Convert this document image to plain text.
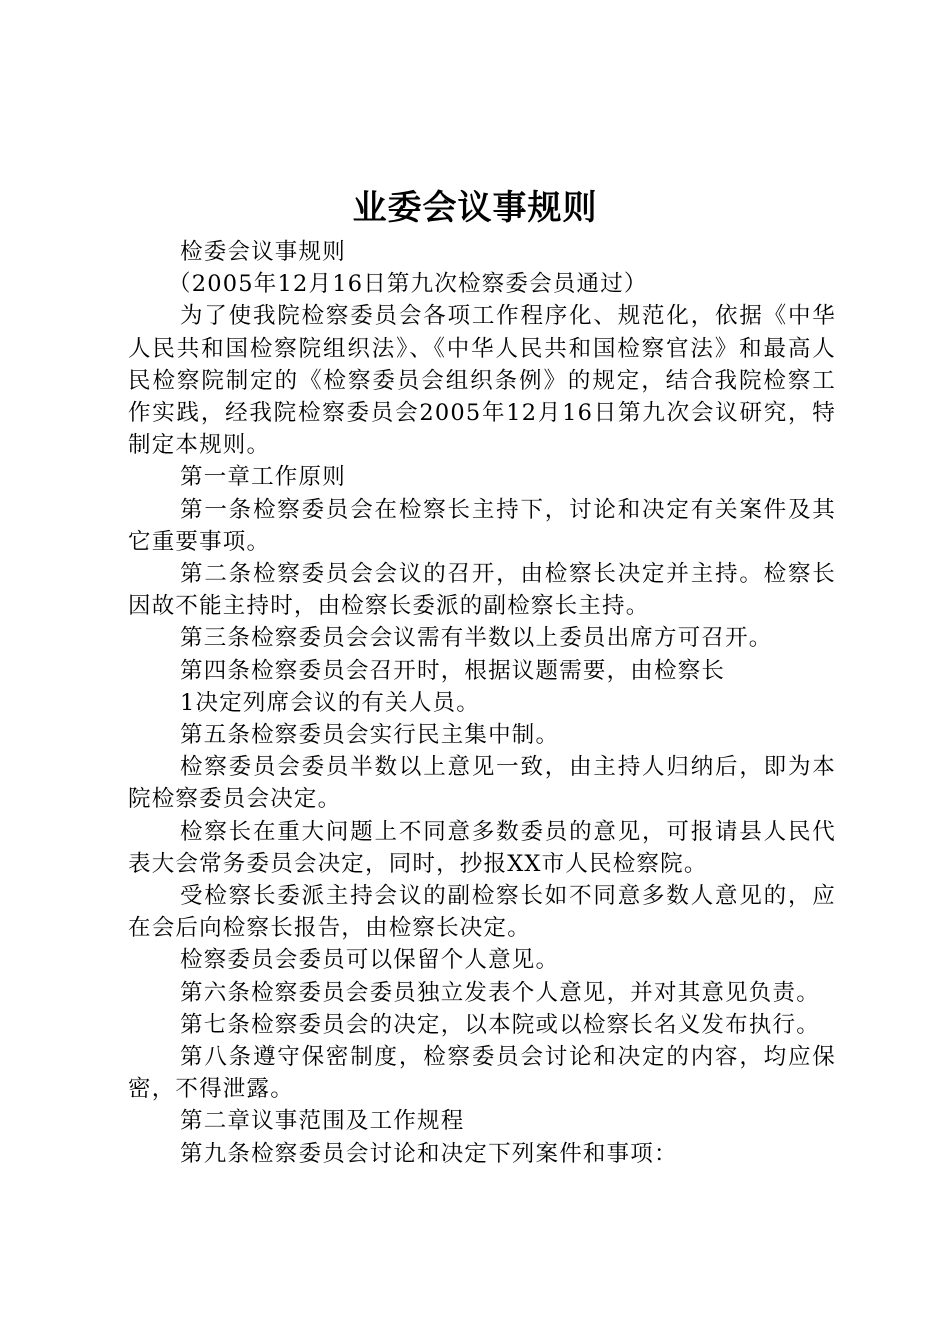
业委会议事规则

检委会议事规则

（2005年12月16日第九次检察委会员通过）

为了使我院检察委员会各项工作程序化、规范化，依据《中华人民共和国检察院组织法》、《中华人民共和国检察官法》和最高人民检察院制定的《检察委员会组织条例》的规定，结合我院检察工作实践，经我院检察委员会2005年12月16日第九次会议研究，特制定本规则。

第一章工作原则

第一条检察委员会在检察长主持下，讨论和决定有关案件及其它重要事项。

第二条检察委员会会议的召开，由检察长决定并主持。检察长因故不能主持时，由检察长委派的副检察长主持。

第三条检察委员会会议需有半数以上委员出席方可召开。

第四条检察委员会召开时，根据议题需要，由检察长

1决定列席会议的有关人员。

第五条检察委员会实行民主集中制。

检察委员会委员半数以上意见一致，由主持人归纳后，即为本院检察委员会决定。

检察长在重大问题上不同意多数委员的意见，可报请县人民代表大会常务委员会决定，同时，抄报XX市人民检察院。

受检察长委派主持会议的副检察长如不同意多数人意见的，应在会后向检察长报告，由检察长决定。

检察委员会委员可以保留个人意见。

第六条检察委员会委员独立发表个人意见，并对其意见负责。

第七条检察委员会的决定，以本院或以检察长名义发布执行。

第八条遵守保密制度，检察委员会讨论和决定的内容，均应保密，不得泄露。

第二章议事范围及工作规程

第九条检察委员会讨论和决定下列案件和事项：
